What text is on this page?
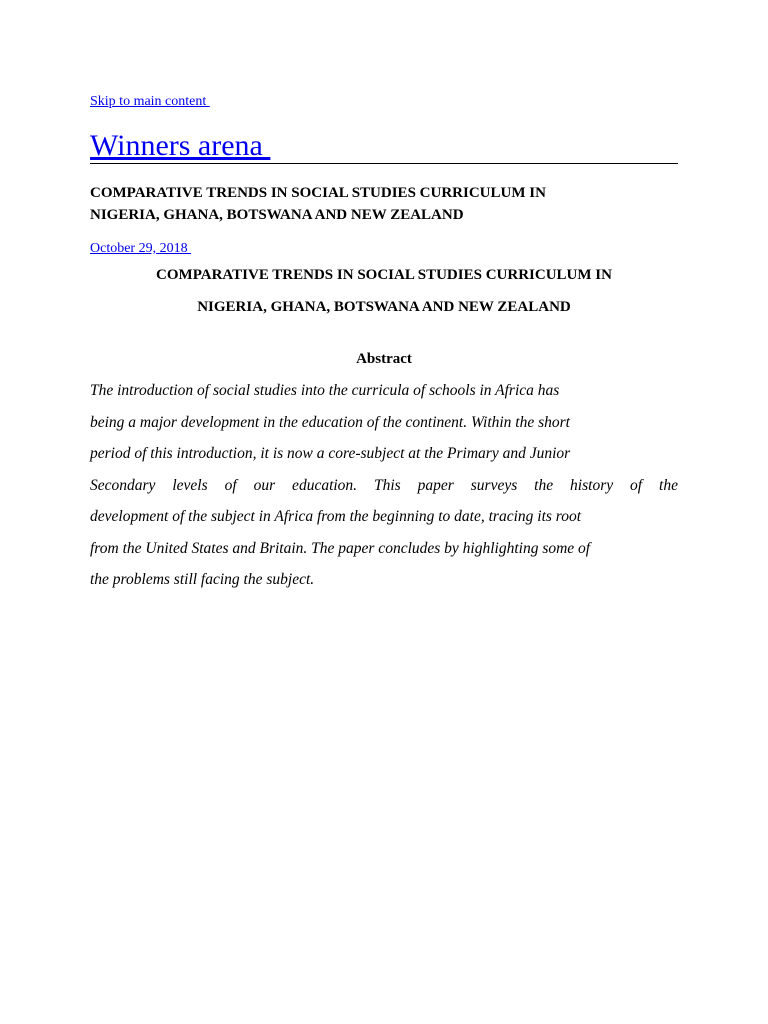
Skip to main content
Winners arena
COMPARATIVE TRENDS IN SOCIAL STUDIES CURRICULUM IN
NIGERIA, GHANA, BOTSWANA AND NEW ZEALAND
October 29, 2018
COMPARATIVE TRENDS IN SOCIAL STUDIES CURRICULUM IN
NIGERIA, GHANA, BOTSWANA AND NEW ZEALAND
Abstract

The introduction of social studies into the curricula of schools in Africa has
being a major development in the education of the continent. Within the short
period of this introduction, it is now a core-subject at the Primary and Junior
Secondary levels of our education. This paper surveys the history of the
development of the subject in Africa from the beginning to date, tracing its root
from the United States and Britain. The paper concludes by highlighting some of
the problems still facing the subject.
